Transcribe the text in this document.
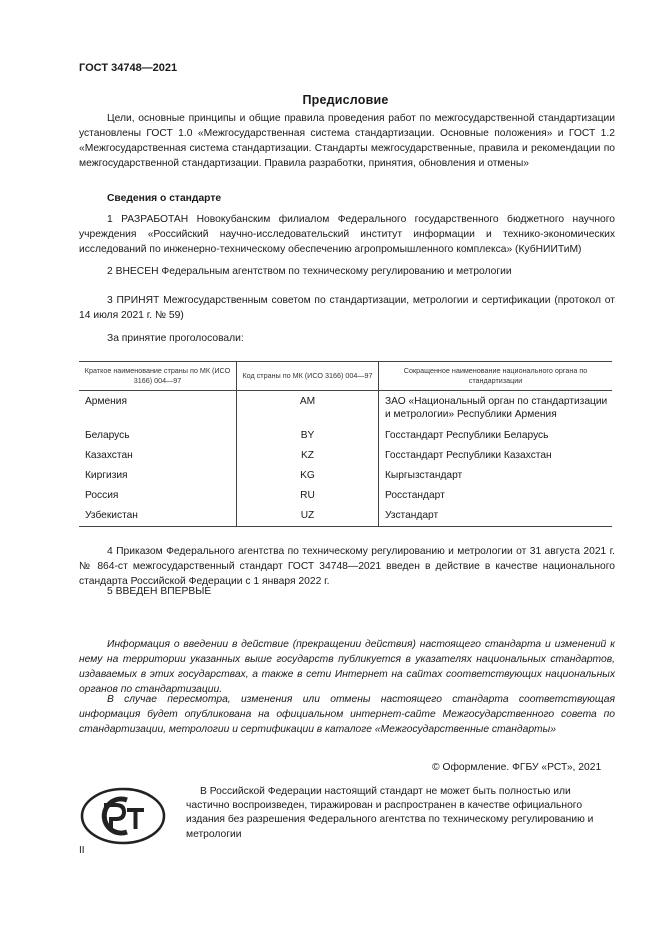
ГОСТ 34748—2021
Предисловие
Цели, основные принципы и общие правила проведения работ по межгосударственной стандартизации установлены ГОСТ 1.0 «Межгосударственная система стандартизации. Основные положения» и ГОСТ 1.2 «Межгосударственная система стандартизации. Стандарты межгосударственные, правила и рекомендации по межгосударственной стандартизации. Правила разработки, принятия, обновления и отмены»
Сведения о стандарте
1 РАЗРАБОТАН Новокубанским филиалом Федерального государственного бюджетного научного учреждения «Российский научно-исследовательский институт информации и технико-экономических исследований по инженерно-техническому обеспечению агропромышленного комплекса» (КубНИИТиМ)
2 ВНЕСЕН Федеральным агентством по техническому регулированию и метрологии
3 ПРИНЯТ Межгосударственным советом по стандартизации, метрологии и сертификации (протокол от 14 июля 2021 г. № 59)
За принятие проголосовали:
Краткое наименование страны по МК (ИСО 3166) 004—97	Код страны по МК (ИСО 3166) 004—97	Сокращенное наименование национального органа по стандартизации
Армения	AM	ЗАО «Национальный орган по стандартизации и метрологии» Республики Армения
Беларусь	BY	Госстандарт Республики Беларусь
Казахстан	KZ	Госстандарт Республики Казахстан
Киргизия	KG	Кыргызстандарт
Россия	RU	Росстандарт
Узбекистан	UZ	Узстандарт
4 Приказом Федерального агентства по техническому регулированию и метрологии от 31 августа 2021 г. № 864-ст межгосударственный стандарт ГОСТ 34748—2021 введен в действие в качестве национального стандарта Российской Федерации с 1 января 2022 г.
5 ВВЕДЕН ВПЕРВЫЕ
Информация о введении в действие (прекращении действия) настоящего стандарта и изменений к нему на территории указанных выше государств публикуется в указателях национальных стандартов, издаваемых в этих государствах, а также в сети Интернет на сайтах соответствующих национальных органов по стандартизации.
В случае пересмотра, изменения или отмены настоящего стандарта соответствующая информация будет опубликована на официальном интернет-сайте Межгосударственного совета по стандартизации, метрологии и сертификации в каталоге «Межгосударственные стандарты»
© Оформление. ФГБУ «РСТ», 2021
В Российской Федерации настоящий стандарт не может быть полностью или частично воспроизведен, тиражирован и распространен в качестве официального издания без разрешения Федерального агентства по техническому регулированию и метрологии
II
